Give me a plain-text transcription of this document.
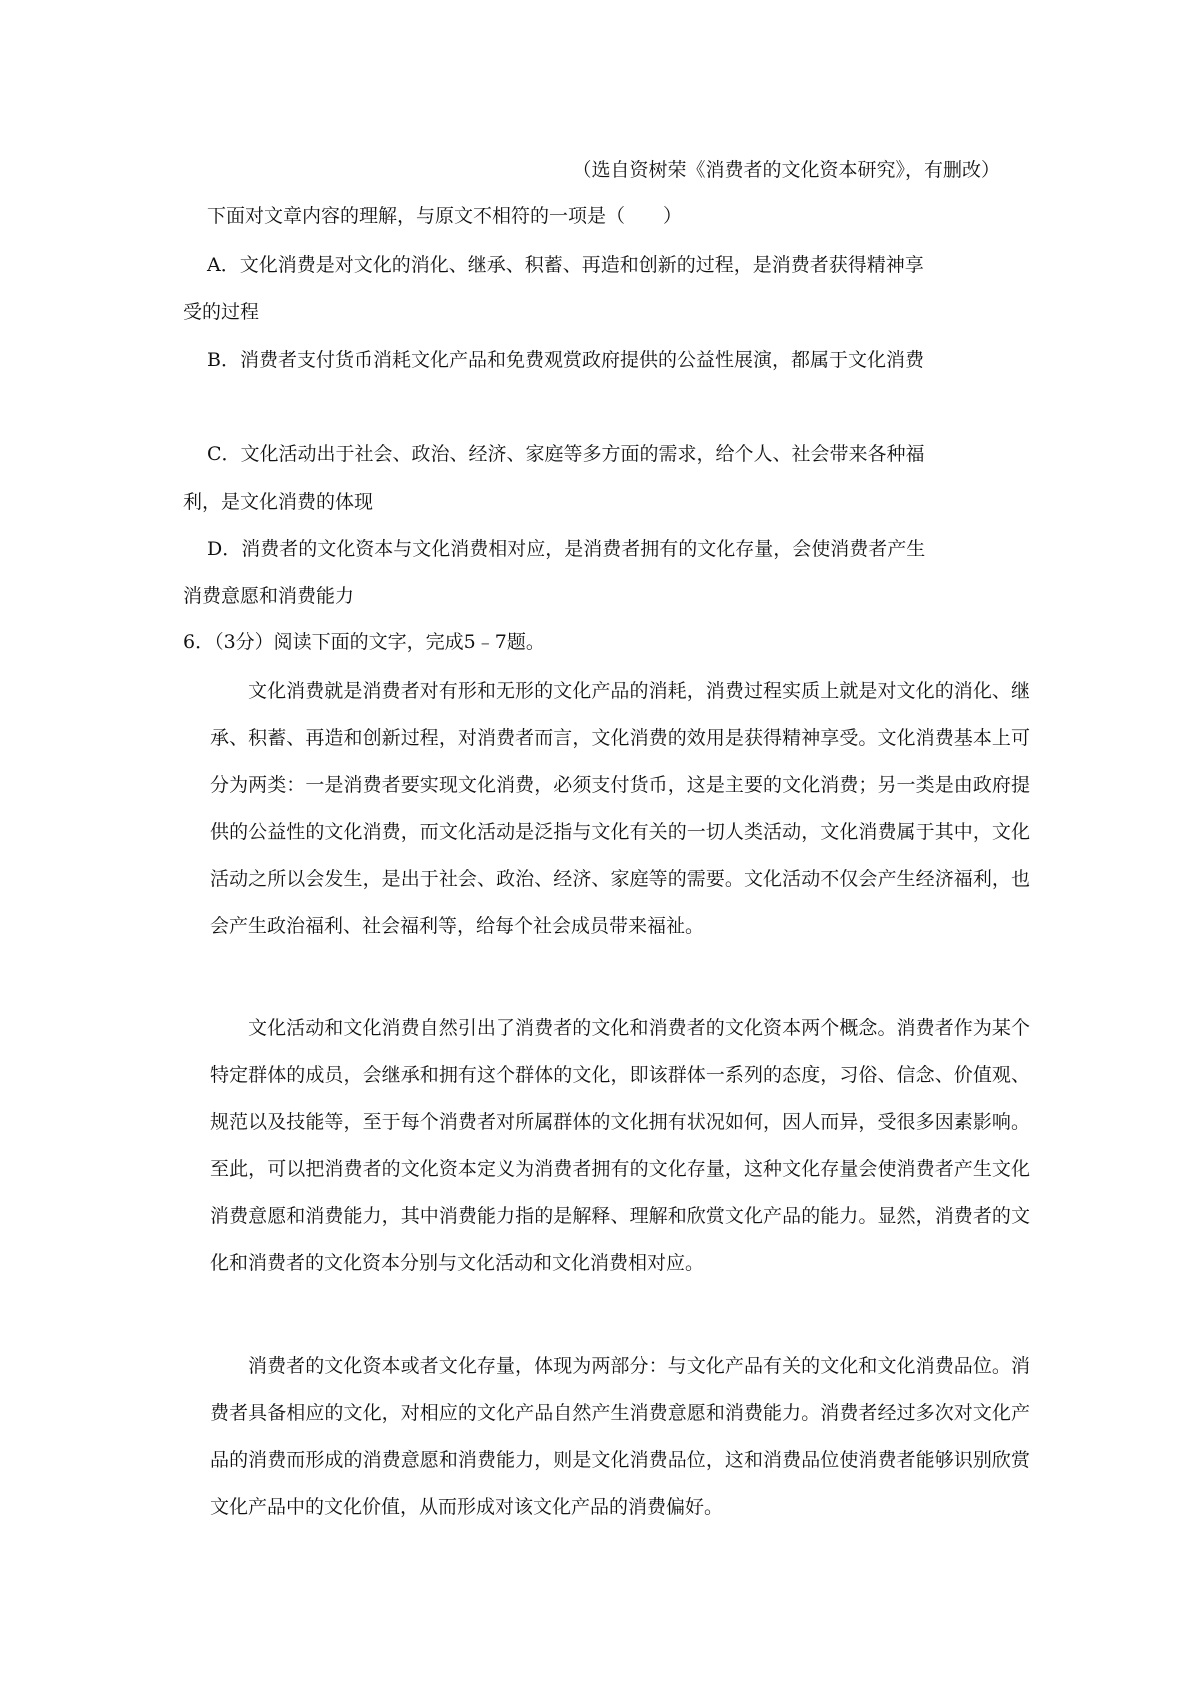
（选自资树荣《消费者的文化资本研究》，有删改）
下面对文章内容的理解，与原文不相符的一项是（　　）
A．文化消费是对文化的消化、继承、积蓄、再造和创新的过程，是消费者获得精神享
受的过程
B．消费者支付货币消耗文化产品和免费观赏政府提供的公益性展演，都属于文化消费
C．文化活动出于社会、政治、经济、家庭等多方面的需求，给个人、社会带来各种福
利，是文化消费的体现
D．消费者的文化资本与文化消费相对应，是消费者拥有的文化存量，会使消费者产生
消费意愿和消费能力
6．（3分）阅读下面的文字，完成5﹣7题。

文化消费就是消费者对有形和无形的文化产品的消耗，消费过程实质上就是对文化的消化、继承、积蓄、再造和创新过程，对消费者而言，文化消费的效用是获得精神享受。文化消费基本上可分为两类：一是消费者要实现文化消费，必须支付货币，这是主要的文化消费；另一类是由政府提供的公益性的文化消费，而文化活动是泛指与文化有关的一切人类活动，文化消费属于其中，文化活动之所以会发生，是出于社会、政治、经济、家庭等的需要。文化活动不仅会产生经济福利，也会产生政治福利、社会福利等，给每个社会成员带来福祉。

文化活动和文化消费自然引出了消费者的文化和消费者的文化资本两个概念。消费者作为某个特定群体的成员，会继承和拥有这个群体的文化，即该群体一系列的态度，习俗、信念、价值观、规范以及技能等，至于每个消费者对所属群体的文化拥有状况如何，因人而异，受很多因素影响。至此，可以把消费者的文化资本定义为消费者拥有的文化存量，这种文化存量会使消费者产生文化消费意愿和消费能力，其中消费能力指的是解释、理解和欣赏文化产品的能力。显然，消费者的文化和消费者的文化资本分别与文化活动和文化消费相对应。

消费者的文化资本或者文化存量，体现为两部分：与文化产品有关的文化和文化消费品位。消费者具备相应的文化，对相应的文化产品自然产生消费意愿和消费能力。消费者经过多次对文化产品的消费而形成的消费意愿和消费能力，则是文化消费品位，这和消费品位使消费者能够识别欣赏文化产品中的文化价值，从而形成对该文化产品的消费偏好。
